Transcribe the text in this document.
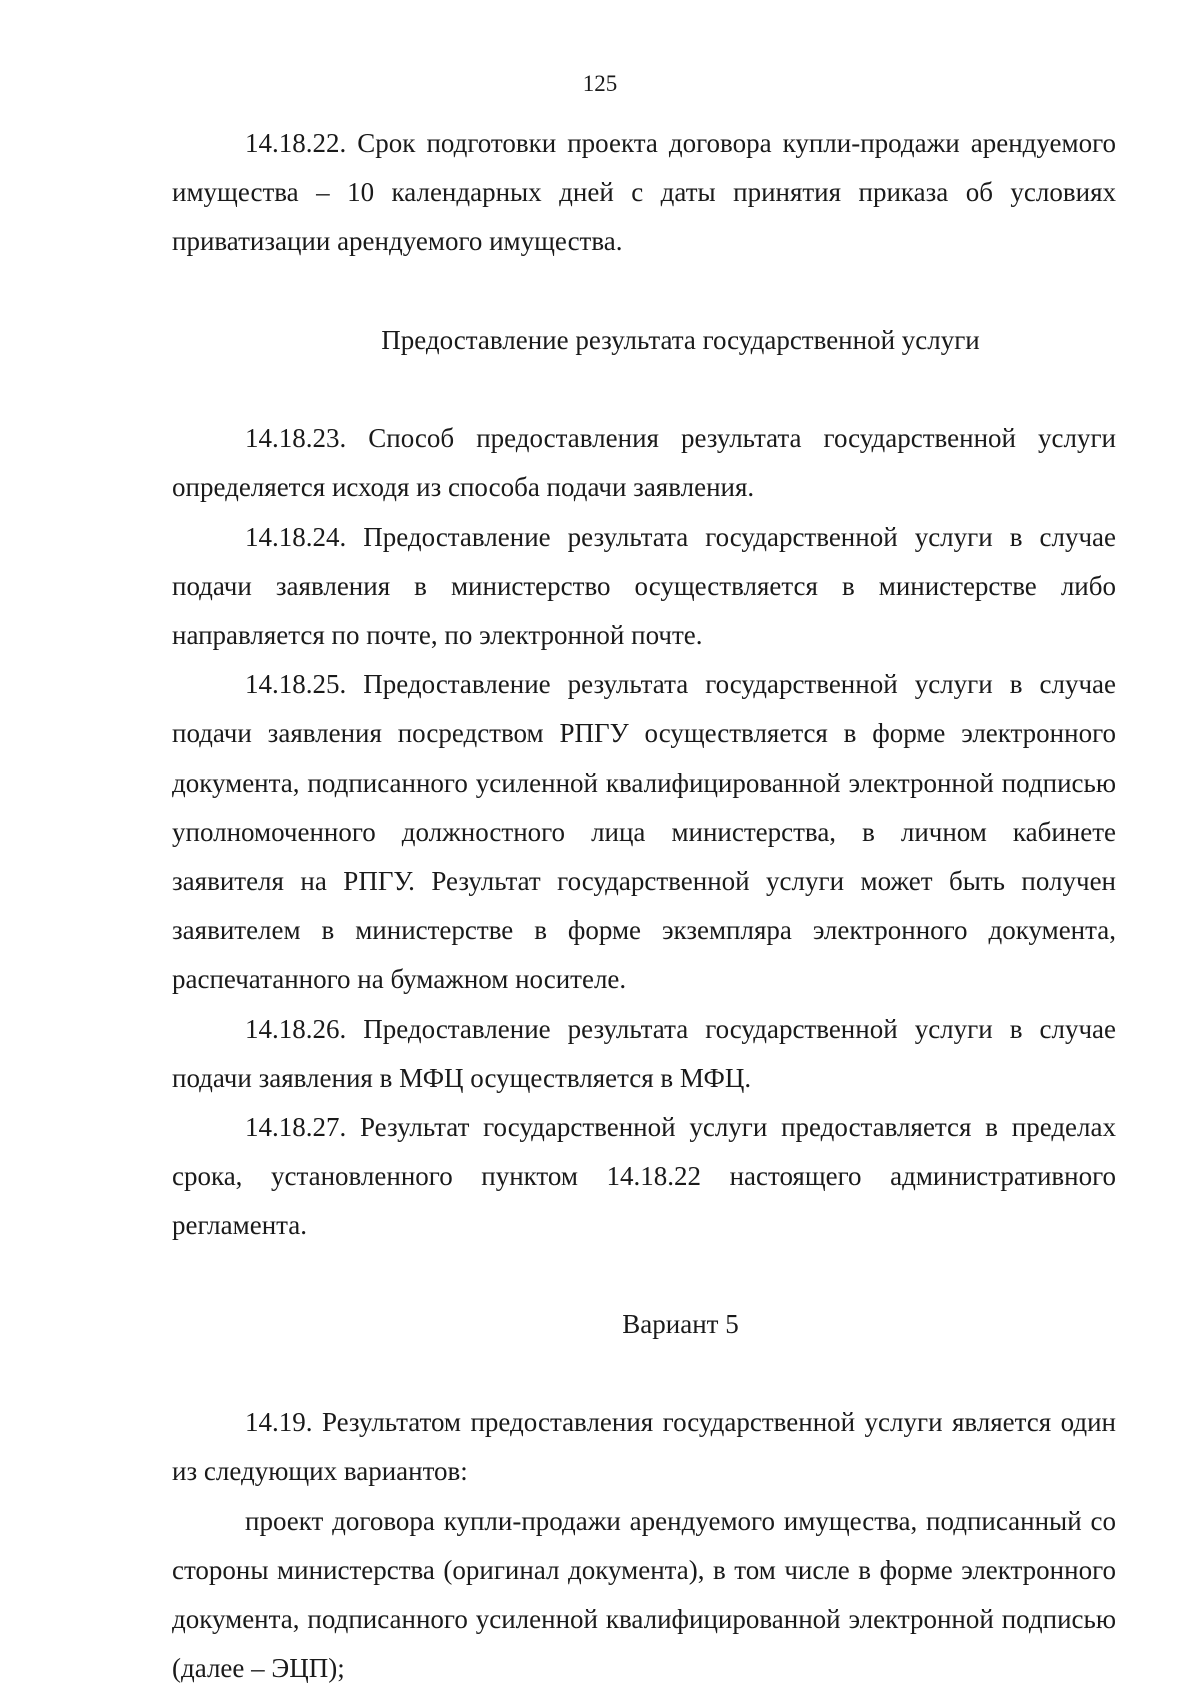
125

14.18.22. Срок подготовки проекта договора купли-продажи арендуемого имущества – 10 календарных дней с даты принятия приказа об условиях приватизации арендуемого имущества.

Предоставление результата государственной услуги

14.18.23. Способ предоставления результата государственной услуги определяется исходя из способа подачи заявления.

14.18.24. Предоставление результата государственной услуги в случае подачи заявления в министерство осуществляется в министерстве либо направляется по почте, по электронной почте.

14.18.25. Предоставление результата государственной услуги в случае подачи заявления посредством РПГУ осуществляется в форме электронного документа, подписанного усиленной квалифицированной электронной подписью уполномоченного должностного лица министерства, в личном кабинете заявителя на РПГУ. Результат государственной услуги может быть получен заявителем в министерстве в форме экземпляра электронного документа, распечатанного на бумажном носителе.

14.18.26. Предоставление результата государственной услуги в случае подачи заявления в МФЦ осуществляется в МФЦ.

14.18.27. Результат государственной услуги предоставляется в пределах срока, установленного пунктом 14.18.22 настоящего административного регламента.

Вариант 5

14.19. Результатом предоставления государственной услуги является один из следующих вариантов:

проект договора купли-продажи арендуемого имущества, подписанный со стороны министерства (оригинал документа), в том числе в форме электронного документа, подписанного усиленной квалифицированной электронной подписью (далее – ЭЦП);
